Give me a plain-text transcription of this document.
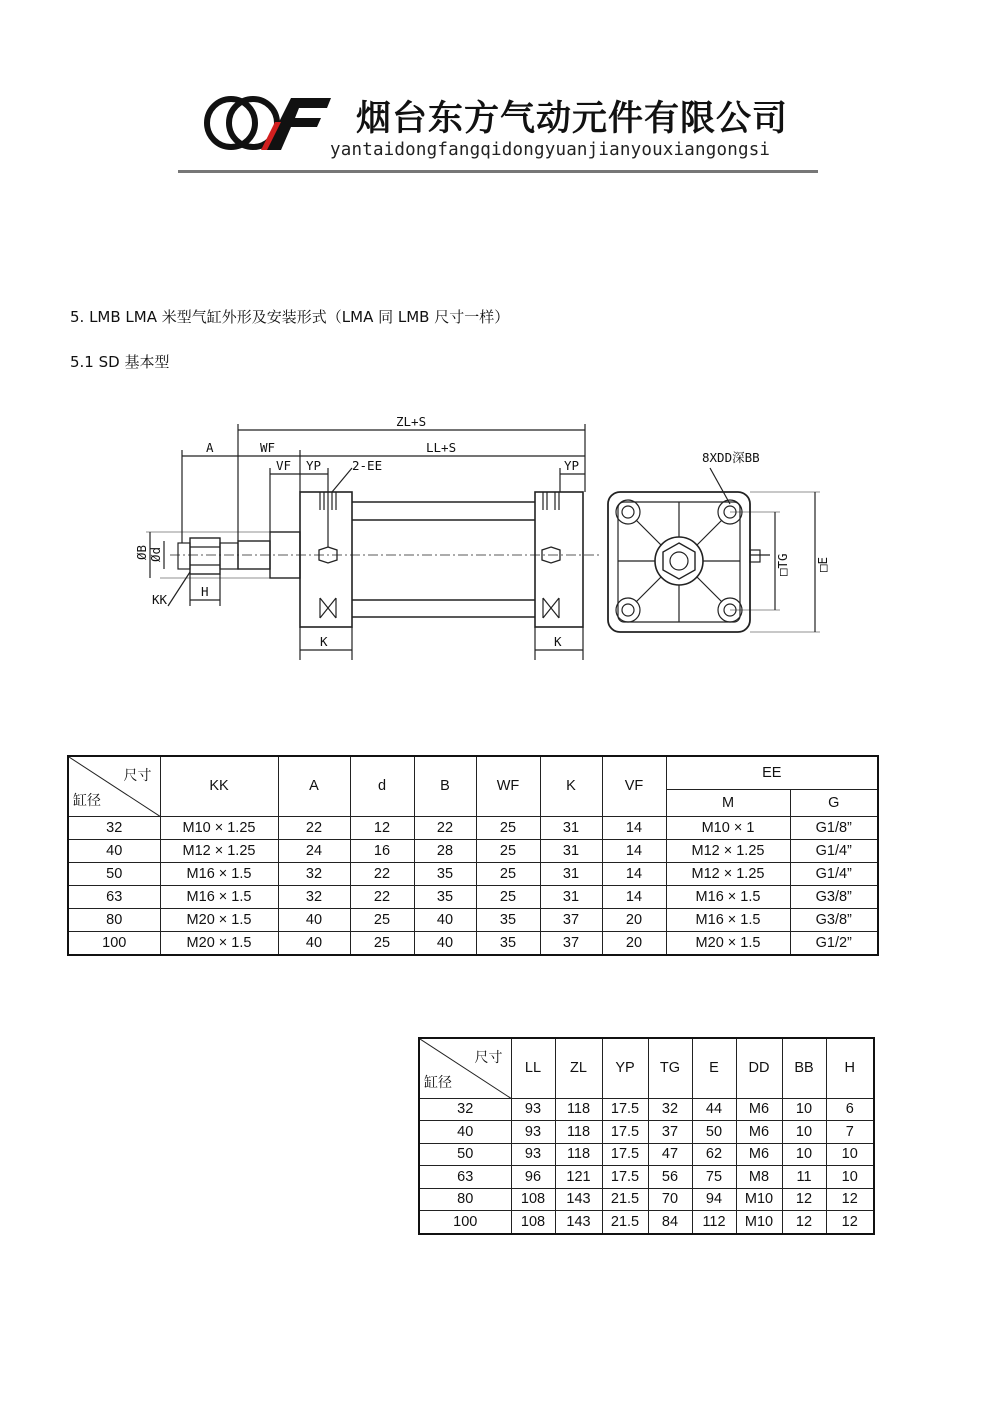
烟台东方气动元件有限公司
yantaidongfangqidongyuanjianyouxiangongsi
5. LMB LMA 米型气缸外形及安装形式（LMA 同 LMB 尺寸一样）
5.1 SD 基本型
ZL+S
A	WF	LL+S
VF YP 2-EE	YP
8XDD深BB
KK
H
K	K
ØB Ød	□TG □E
尺寸
缸径	KK	A	d	B	WF	K	VF	EE	
								M	G
32	M10 × 1.25	22	12	22	25	31	14	M10 × 1	G1/8”
40	M12 × 1.25	24	16	28	25	31	14	M12 × 1.25	G1/4”
50	M16 × 1.5	32	22	35	25	31	14	M12 × 1.25	G1/4”
63	M16 × 1.5	32	22	35	25	31	14	M16 × 1.5	G3/8”
80	M20 × 1.5	40	25	40	35	37	20	M16 × 1.5	G3/8”
100	M20 × 1.5	40	25	40	35	37	20	M20 × 1.5	G1/2”
尺寸
缸径	LL	ZL	YP	TG	E	DD	BB	H
32	93	118	17.5	32	44	M6	10	6
40	93	118	17.5	37	50	M6	10	7
50	93	118	17.5	47	62	M6	10	10
63	96	121	17.5	56	75	M8	11	10
80	108	143	21.5	70	94	M10	12	12
100	108	143	21.5	84	112	M10	12	12
